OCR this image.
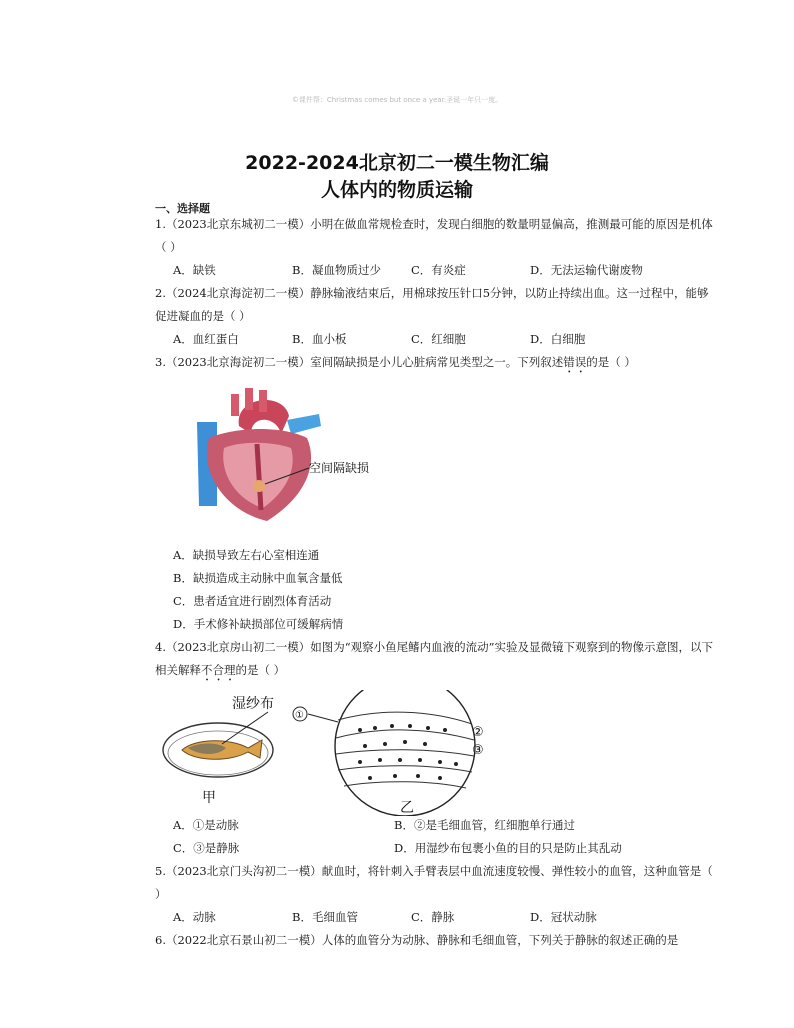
©课件帮：Christmas comes but once a year.圣诞一年只一度。
2022-2024北京初二一模生物汇编
人体内的物质运输
一、选择题

1.（2023北京东城初二一模）小明在做血常规检查时，发现白细胞的数量明显偏高，推测最可能的原因是机体（ ）

A．缺铁	B．凝血物质过少	C．有炎症	D．无法运输代谢废物

2.（2024北京海淀初二一模）静脉输液结束后，用棉球按压针口5分钟，以防止持续出血。这一过程中，能够促进凝血的是（ ）

A．血红蛋白	B．血小板	C．红细胞	D．白细胞

3.（2023北京海淀初二一模）室间隔缺损是小儿心脏病常见类型之一。下列叙述错误的是（ ）

空间隔缺损
A．缺损导致左右心室相连通
B．缺损造成主动脉中血氧含量低
C．患者适宜进行剧烈体育活动
D．手术修补缺损部位可缓解病情

4.（2023北京房山初二一模）如图为“观察小鱼尾鳍内血液的流动”实验及显微镜下观察到的物像示意图，以下相关解释不合理的是（ ）

湿纱布
甲
①
②
③
乙
A．①是动脉	B．②是毛细血管，红细胞单行通过
C．③是静脉	D．用湿纱布包裹小鱼的目的只是防止其乱动

5.（2023北京门头沟初二一模）献血时，将针刺入手臂表层中血流速度较慢、弹性较小的血管，这种血管是（ ）

A．动脉	B．毛细血管	C．静脉	D．冠状动脉

6.（2022北京石景山初二一模）人体的血管分为动脉、静脉和毛细血管，下列关于静脉的叙述正确的是
